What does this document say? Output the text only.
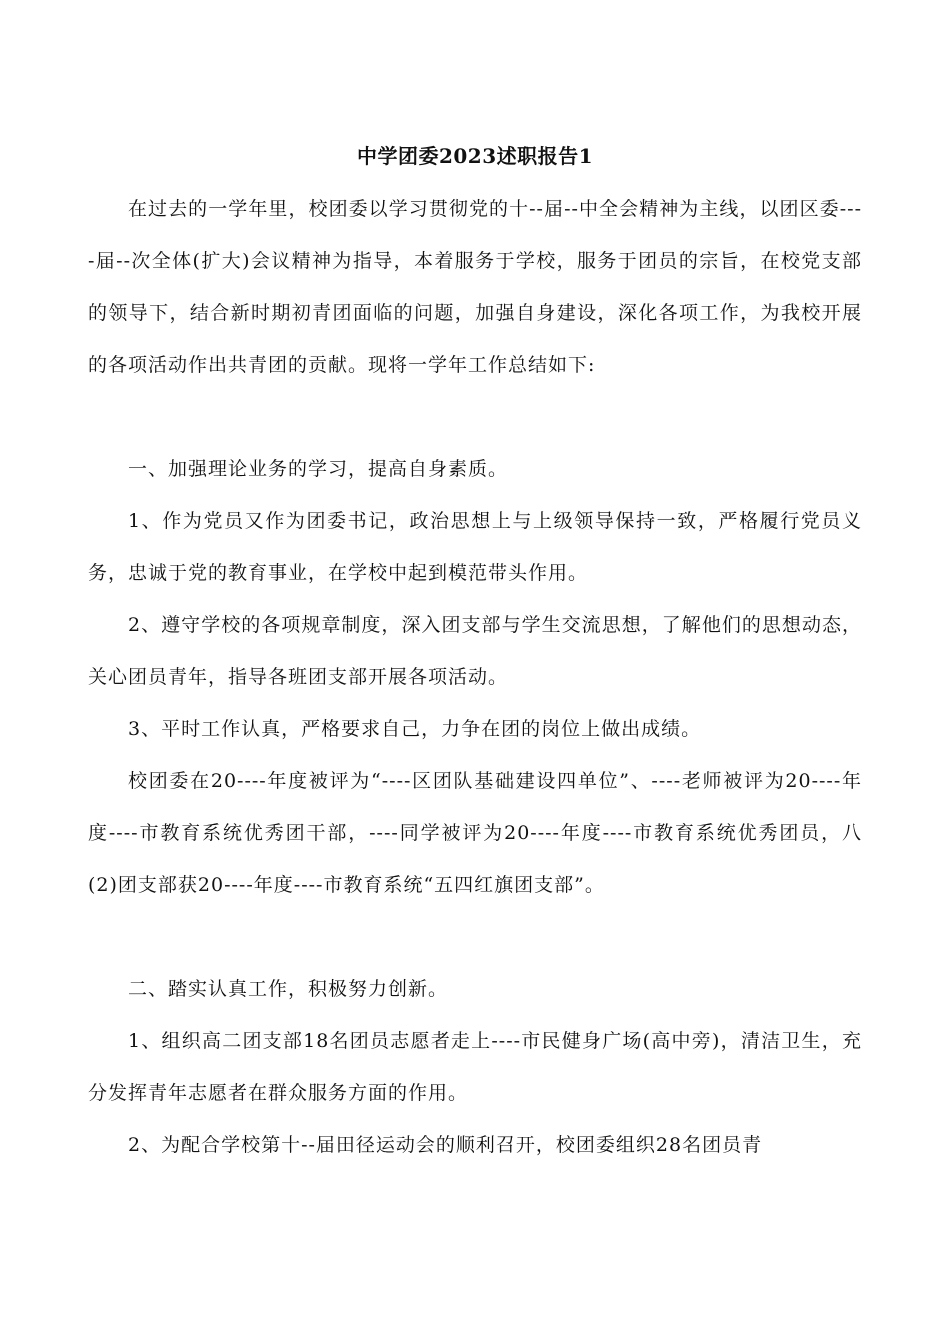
中学团委2023述职报告1

在过去的一学年里，校团委以学习贯彻党的十--届--中全会精神为主线，以团区委----届--次全体(扩大)会议精神为指导，本着服务于学校，服务于团员的宗旨，在校党支部的领导下，结合新时期初青团面临的问题，加强自身建设，深化各项工作，为我校开展的各项活动作出共青团的贡献。现将一学年工作总结如下:

一、加强理论业务的学习，提高自身素质。

1、作为党员又作为团委书记，政治思想上与上级领导保持一致，严格履行党员义务，忠诚于党的教育事业，在学校中起到模范带头作用。

2、遵守学校的各项规章制度，深入团支部与学生交流思想，了解他们的思想动态，关心团员青年，指导各班团支部开展各项活动。

3、平时工作认真，严格要求自己，力争在团的岗位上做出成绩。

校团委在20----年度被评为“----区团队基础建设四单位”、----老师被评为20----年度----市教育系统优秀团干部，----同学被评为20----年度----市教育系统优秀团员，八(2)团支部获20----年度----市教育系统“五四红旗团支部”。

二、踏实认真工作，积极努力创新。

1、组织高二团支部18名团员志愿者走上----市民健身广场(高中旁)，清洁卫生，充分发挥青年志愿者在群众服务方面的作用。

2、为配合学校第十--届田径运动会的顺利召开，校团委组织28名团员青
